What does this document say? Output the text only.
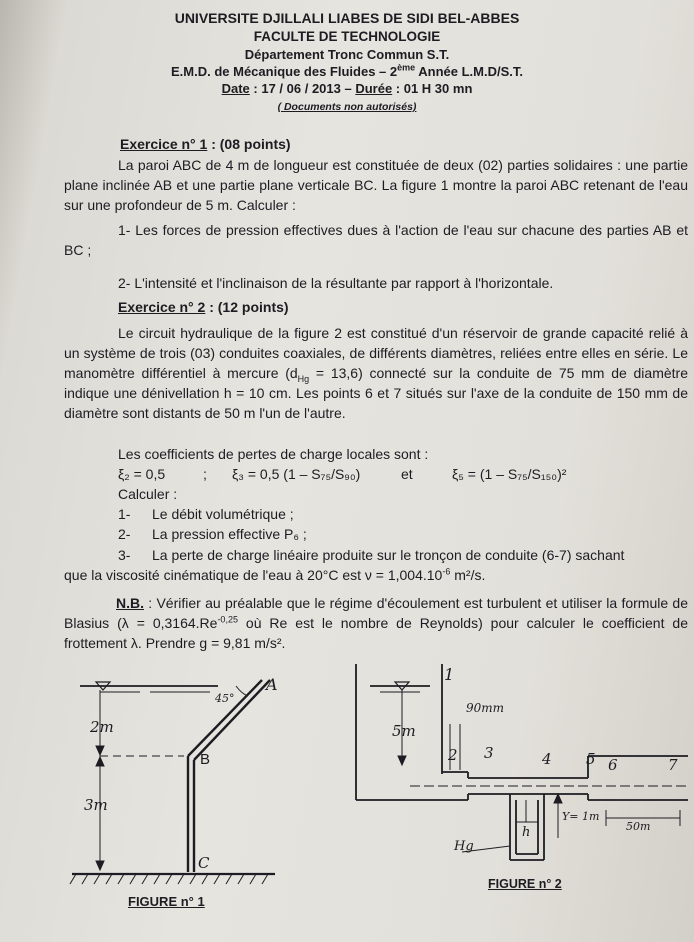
UNIVERSITE DJILLALI LIABES DE SIDI BEL-ABBES
FACULTE DE TECHNOLOGIE
Département Tronc Commun S.T.
E.M.D. de Mécanique des Fluides – 2ème Année L.M.D/S.T.
Date : 17 / 06 / 2013 – Durée : 01 H 30 mn
( Documents non autorisés)
Exercice n° 1 : (08 points)
La paroi ABC de 4 m de longueur est constituée de deux (02) parties solidaires : une partie plane inclinée AB et une partie plane verticale BC. La figure 1 montre la paroi ABC retenant de l'eau sur une profondeur de 5 m. Calculer :
1- Les forces de pression effectives dues à l'action de l'eau sur chacune des parties AB et BC ;
2- L'intensité et l'inclinaison de la résultante par rapport à l'horizontale.
Exercice n° 2 : (12 points)
Le circuit hydraulique de la figure 2 est constitué d'un réservoir de grande capacité relié à un système de trois (03) conduites coaxiales, de différents diamètres, reliées entre elles en série. Le manomètre différentiel à mercure $(d_{Hg} = 13,6)$ connecté sur la conduite de 75 mm de diamètre indique une dénivellation h = 10 cm. Les points 6 et 7 situés sur l'axe de la conduite de 150 mm de diamètre sont distants de 50 m l'un de l'autre.
Les coefficients de pertes de charge locales sont :
ξ₂ = 0,5	; ξ₃ = 0,5 (1 – S₇₅/S₉₀)	et	ξ₅ = (1 – S₇₅/S₁₅₀)²
Calculer :
1- Le débit volumétrique ;
2- La pression effective P₆ ;
3- La perte de charge linéaire produite sur le tronçon de conduite (6-7) sachant
que la viscosité cinématique de l'eau à 20°C est $\nu = 1,004.10^{-6}$ m²/s.
N.B. : Vérifier au préalable que le régime d'écoulement est turbulent et utiliser la formule de Blasius ($\lambda = 0,3164.Re^{-0,25}$ où Re est le nombre de Reynolds) pour calculer le coefficient de frottement λ. Prendre g = 9,81 m/s².
45°
A
B
C
2m
3m
FIGURE n° 1
1
2 3	4 5 6	7
5m
90mm
Hg
h
Y= 1m
50m
FIGURE n° 2
